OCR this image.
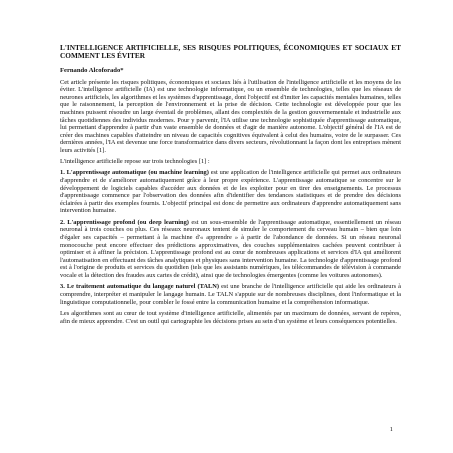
L'INTELLIGENCE ARTIFICIELLE, SES RISQUES POLITIQUES, ÉCONOMIQUES ET SOCIAUX ET COMMENT LES ÉVITER
Fernando Alcoforado*

Cet article présente les risques politiques, économiques et sociaux liés à l'utilisation de l'intelligence artificielle et les moyens de les éviter. L'intelligence artificielle (IA) est une technologie informatique, ou un ensemble de technologies, telles que les réseaux de neurones artificiels, les algorithmes et les systèmes d'apprentissage, dont l'objectif est d'imiter les capacités mentales humaines, telles que le raisonnement, la perception de l'environnement et la prise de décision. Cette technologie est développée pour que les machines puissent résoudre un large éventail de problèmes, allant des complexités de la gestion gouvernementale et industrielle aux tâches quotidiennes des individus modernes. Pour y parvenir, l'IA utilise une technologie sophistiquée d'apprentissage automatique, lui permettant d'apprendre à partir d'un vaste ensemble de données et d'agir de manière autonome. L'objectif général de l'IA est de créer des machines capables d'atteindre un niveau de capacités cognitives équivalent à celui des humains, voire de le surpasser. Ces dernières années, l'IA est devenue une force transformatrice dans divers secteurs, révolutionnant la façon dont les entreprises mènent leurs activités [1].

L'intelligence artificielle repose sur trois technologies [1] :

1. L'apprentissage automatique (ou machine learning) est une application de l'intelligence artificielle qui permet aux ordinateurs d'apprendre et de s'améliorer automatiquement grâce à leur propre expérience. L'apprentissage automatique se concentre sur le développement de logiciels capables d'accéder aux données et de les exploiter pour en tirer des enseignements. Le processus d'apprentissage commence par l'observation des données afin d'identifier des tendances statistiques et de prendre des décisions éclairées à partir des exemples fournis. L'objectif principal est donc de permettre aux ordinateurs d'apprendre automatiquement sans intervention humaine.

2. L'apprentissage profond (ou deep learning) est un sous-ensemble de l'apprentissage automatique, essentiellement un réseau neuronal à trois couches ou plus. Ces réseaux neuronaux tentent de simuler le comportement du cerveau humain – bien que loin d'égaler ses capacités – permettant à la machine d'« apprendre » à partir de l'abondance de données. Si un réseau neuronal monocouche peut encore effectuer des prédictions approximatives, des couches supplémentaires cachées peuvent contribuer à optimiser et à affiner la précision. L'apprentissage profond est au cœur de nombreuses applications et services d'IA qui améliorent l'automatisation en effectuant des tâches analytiques et physiques sans intervention humaine. La technologie d'apprentissage profond est à l'origine de produits et services du quotidien (tels que les assistants numériques, les télécommandes de télévision à commande vocale et la détection des fraudes aux cartes de crédit), ainsi que de technologies émergentes (comme les voitures autonomes).

3. Le traitement automatique du langage naturel (TALN) est une branche de l'intelligence artificielle qui aide les ordinateurs à comprendre, interpréter et manipuler le langage humain. Le TALN s'appuie sur de nombreuses disciplines, dont l'informatique et la linguistique computationnelle, pour combler le fossé entre la communication humaine et la compréhension informatique.

Les algorithmes sont au cœur de tout système d'intelligence artificielle, alimentés par un maximum de données, servant de repères, afin de mieux apprendre. C'est un outil qui cartographie les décisions prises au sein d'un système et leurs conséquences potentielles.

1
